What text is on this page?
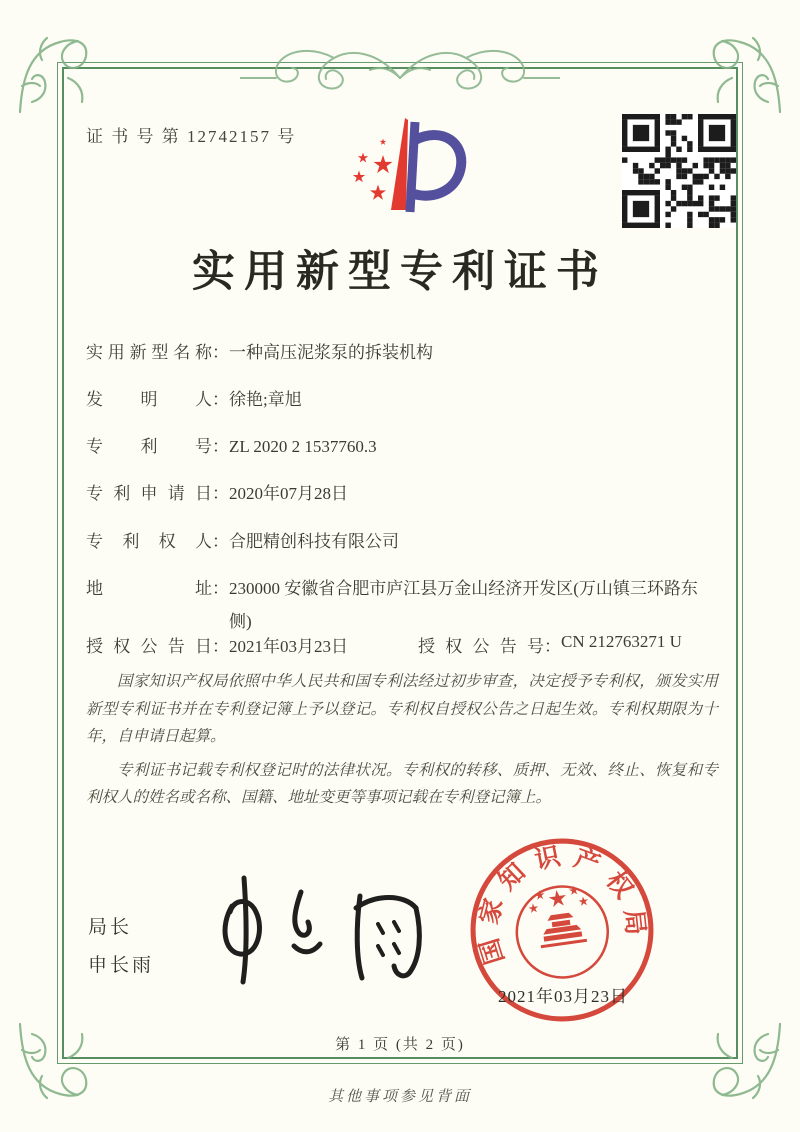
证 书 号 第 12742157 号
实用新型专利证书
实用新型名称：一种高压泥浆泵的拆装机构
发明人：徐艳;章旭
专利号：ZL 2020 2 1537760.3
专利申请日：2020年07月28日
专利权人：合肥精创科技有限公司
地址：230000 安徽省合肥市庐江县万金山经济开发区(万山镇三环路东侧)
授权公告日：2021年03月23日	授权公告号：CN 212763271 U

国家知识产权局依照中华人民共和国专利法经过初步审查，决定授予专利权，颁发实用新型专利证书并在专利登记簿上予以登记。专利权自授权公告之日起生效。专利权期限为十年，自申请日起算。

专利证书记载专利权登记时的法律状况。专利权的转移、质押、无效、终止、恢复和专利权人的姓名或名称、国籍、地址变更等事项记载在专利登记簿上。

局长
申长雨	国家知识产权局
2021年03月23日
第 1 页 (共 2 页)
其他事项参见背面
